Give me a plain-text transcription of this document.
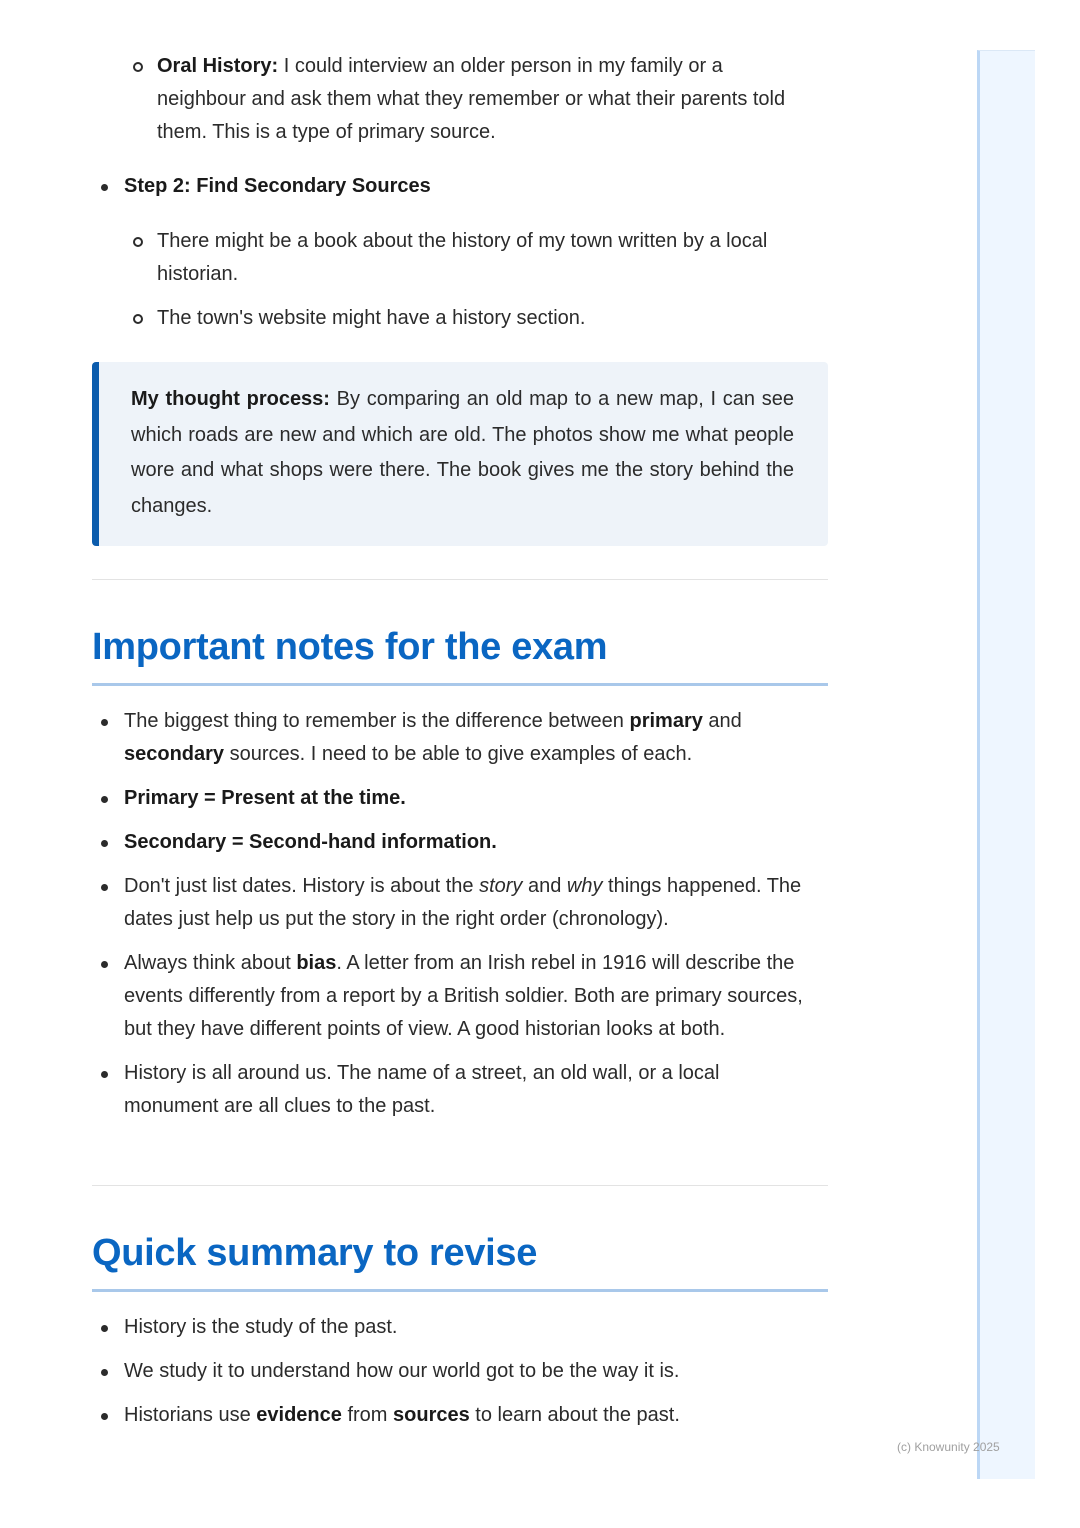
Oral History: I could interview an older person in my family or a neighbour and ask them what they remember or what their parents told them. This is a type of primary source.
Step 2: Find Secondary Sources
There might be a book about the history of my town written by a local historian.
The town's website might have a history section.
My thought process: By comparing an old map to a new map, I can see which roads are new and which are old. The photos show me what people wore and what shops were there. The book gives me the story behind the changes.
Important notes for the exam
The biggest thing to remember is the difference between primary and secondary sources. I need to be able to give examples of each.
Primary = Present at the time.
Secondary = Second-hand information.
Don't just list dates. History is about the story and why things happened. The dates just help us put the story in the right order (chronology).
Always think about bias. A letter from an Irish rebel in 1916 will describe the events differently from a report by a British soldier. Both are primary sources, but they have different points of view. A good historian looks at both.
History is all around us. The name of a street, an old wall, or a local monument are all clues to the past.
Quick summary to revise
History is the study of the past.
We study it to understand how our world got to be the way it is.
Historians use evidence from sources to learn about the past.
(c) Knowunity 2025
